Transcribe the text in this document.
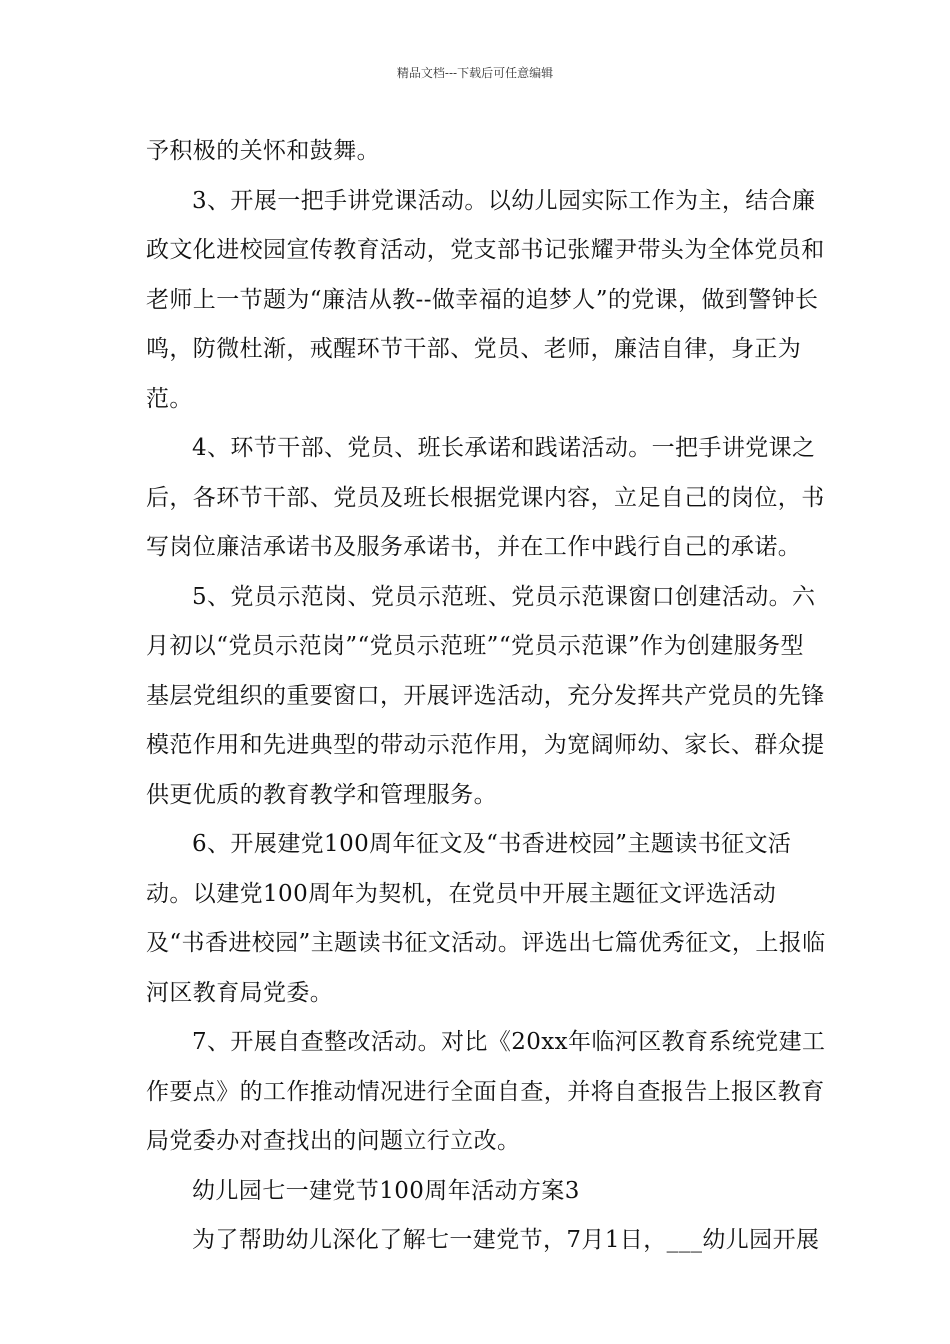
精品文档---下载后可任意编辑

予积极的关怀和鼓舞。

3、开展一把手讲党课活动。以幼儿园实际工作为主，结合廉政文化进校园宣传教育活动，党支部书记张耀尹带头为全体党员和老师上一节题为“廉洁从教--做幸福的追梦人”的党课，做到警钟长鸣，防微杜渐，戒醒环节干部、党员、老师，廉洁自律，身正为范。

4、环节干部、党员、班长承诺和践诺活动。一把手讲党课之后，各环节干部、党员及班长根据党课内容，立足自己的岗位，书写岗位廉洁承诺书及服务承诺书，并在工作中践行自己的承诺。

5、党员示范岗、党员示范班、党员示范课窗口创建活动。六月初以“党员示范岗”“党员示范班”“党员示范课”作为创建服务型基层党组织的重要窗口，开展评选活动，充分发挥共产党员的先锋模范作用和先进典型的带动示范作用，为宽阔师幼、家长、群众提供更优质的教育教学和管理服务。

6、开展建党100周年征文及“书香进校园”主题读书征文活动。以建党100周年为契机，在党员中开展主题征文评选活动及“书香进校园”主题读书征文活动。评选出七篇优秀征文，上报临河区教育局党委。

7、开展自查整改活动。对比《20xx年临河区教育系统党建工作要点》的工作推动情况进行全面自查，并将自查报告上报区教育局党委办对查找出的问题立行立改。

幼儿园七一建党节100周年活动方案3

为了帮助幼儿深化了解七一建党节，7月1日，___幼儿园开展
